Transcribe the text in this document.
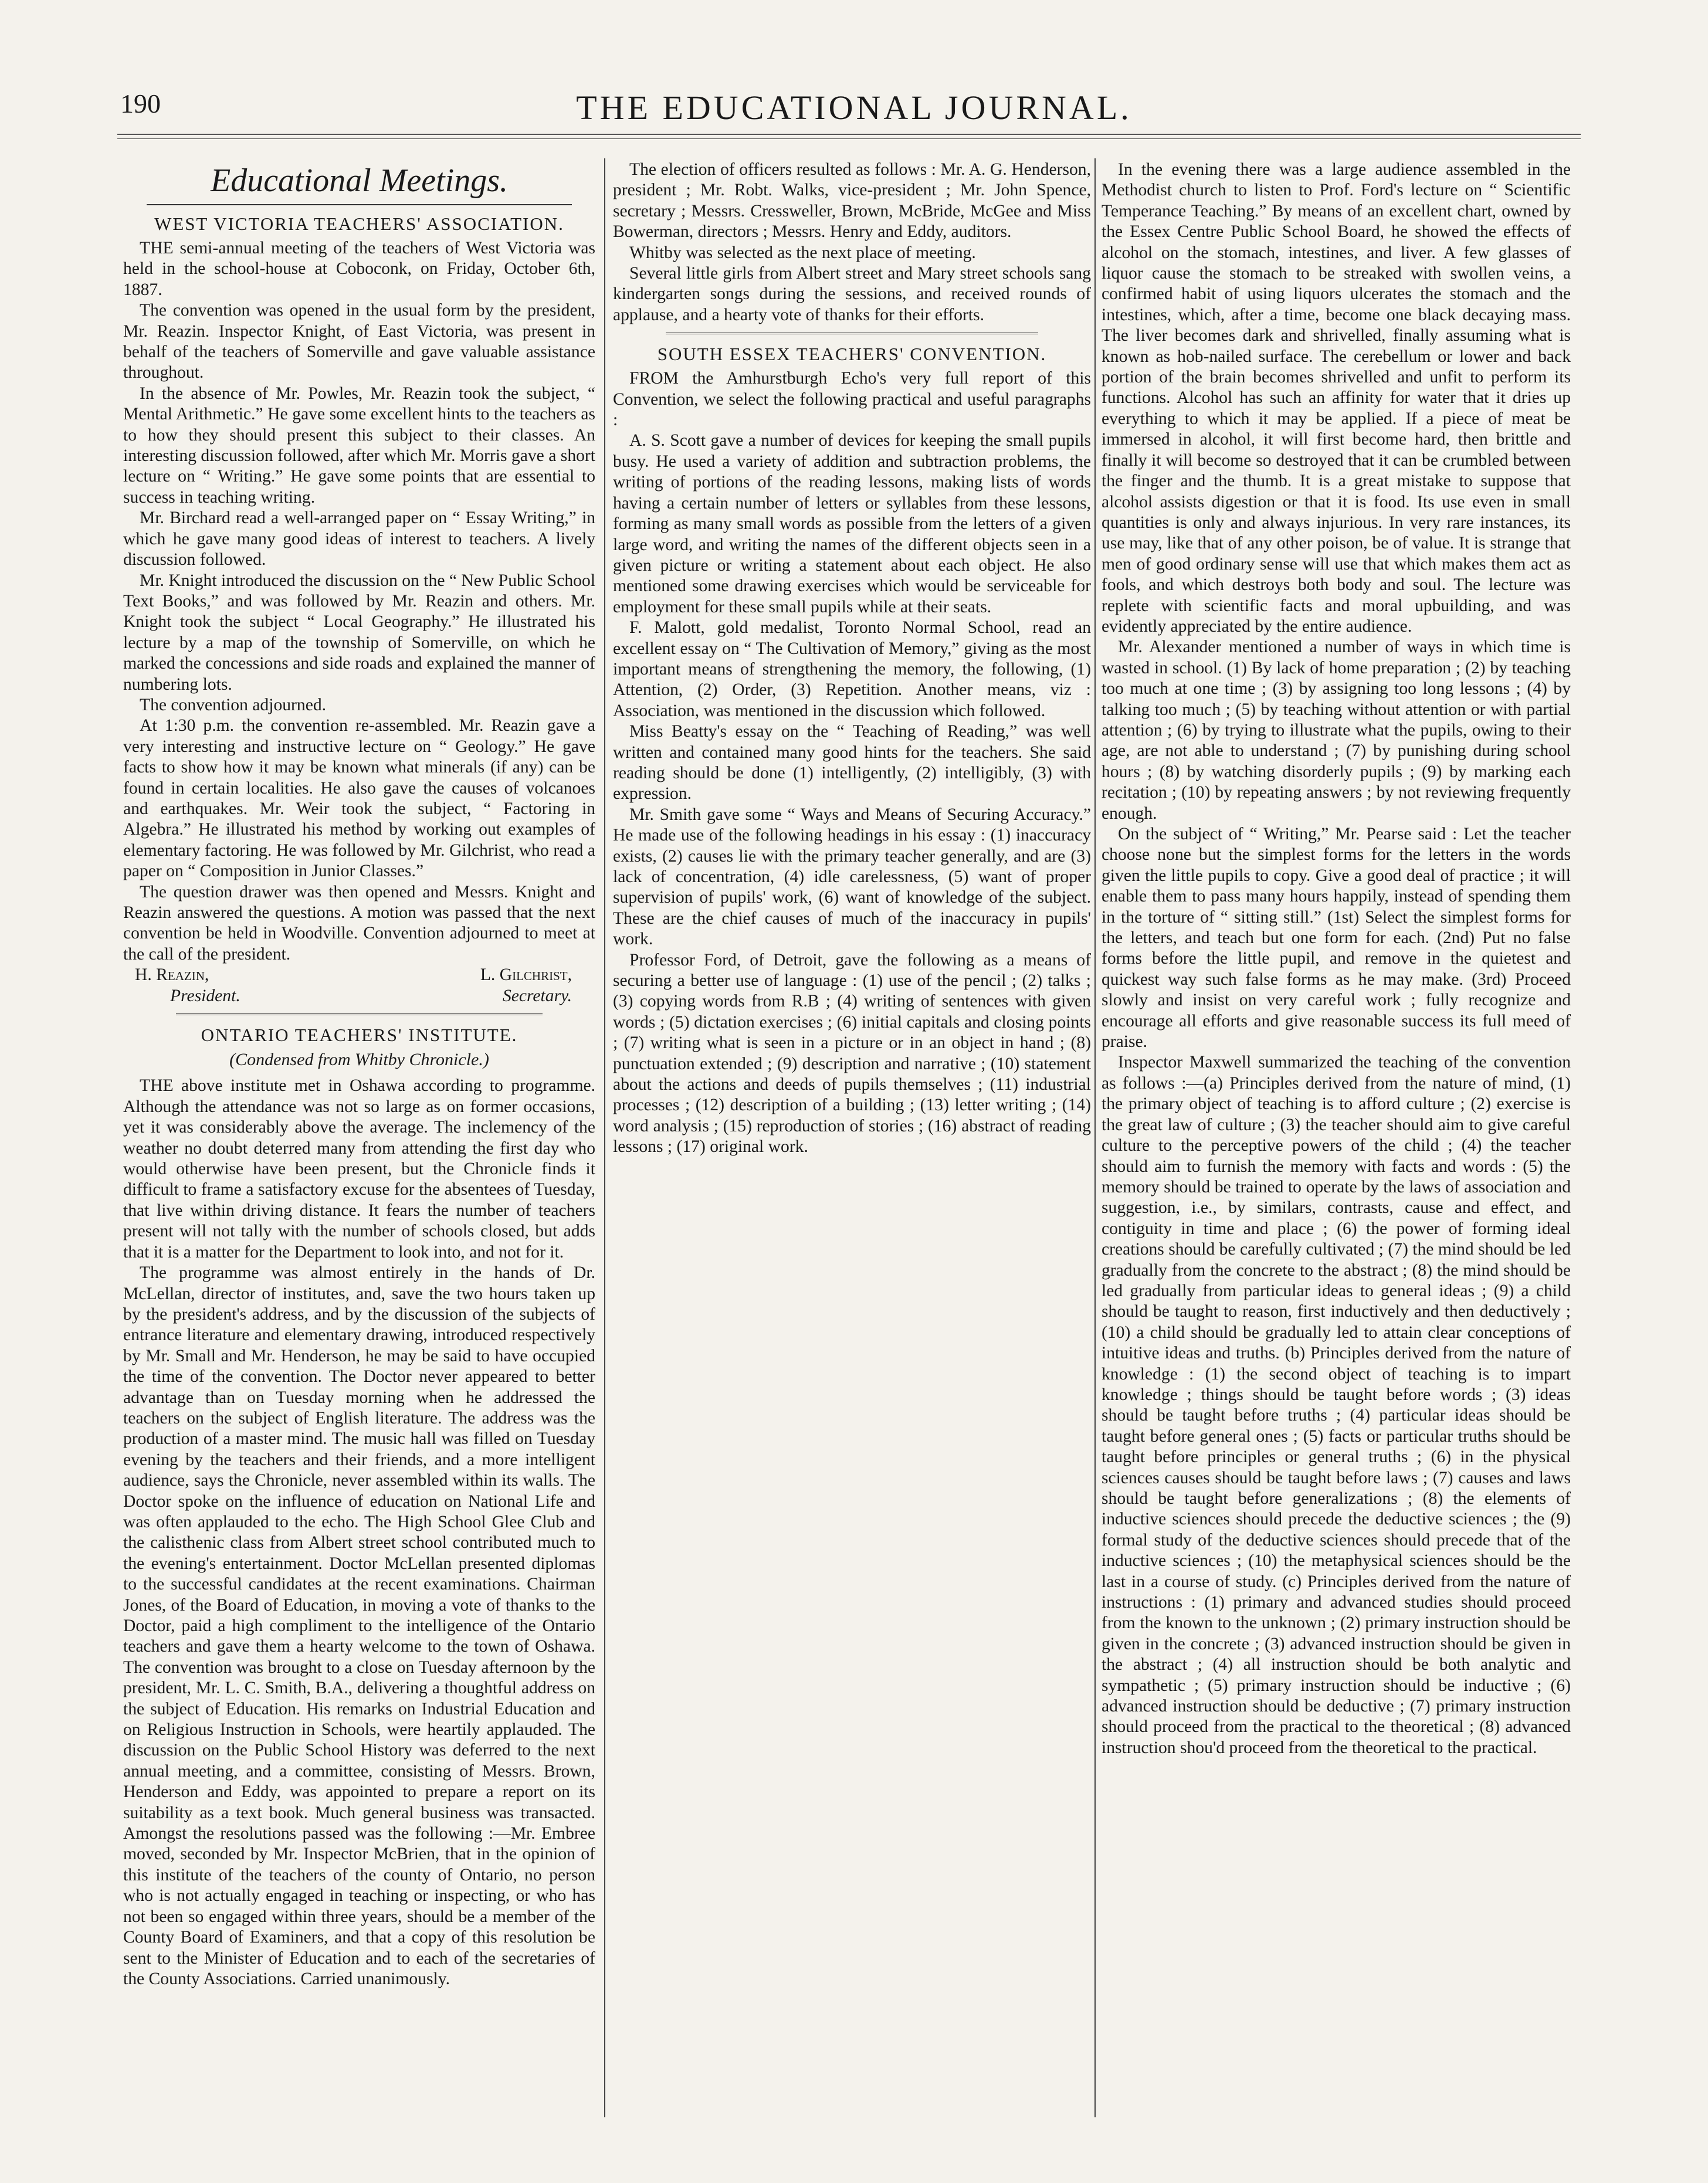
190	THE EDUCATIONAL JOURNAL.
Educational Meetings.
WEST VICTORIA TEACHERS' ASSOCIATION.

THE semi-annual meeting of the teachers of West Victoria was held in the school-house at Coboconk, on Friday, October 6th, 1887.

The convention was opened in the usual form by the president, Mr. Reazin. Inspector Knight, of East Victoria, was present in behalf of the teachers of Somerville and gave valuable assistance throughout.

In the absence of Mr. Powles, Mr. Reazin took the subject, “ Mental Arithmetic.” He gave some excellent hints to the teachers as to how they should present this subject to their classes. An interesting discussion followed, after which Mr. Morris gave a short lecture on “ Writing.” He gave some points that are essential to success in teaching writing.

Mr. Birchard read a well-arranged paper on “ Essay Writing,” in which he gave many good ideas of interest to teachers. A lively discussion followed.

Mr. Knight introduced the discussion on the “ New Public School Text Books,” and was followed by Mr. Reazin and others. Mr. Knight took the subject “ Local Geography.” He illustrated his lecture by a map of the township of Somerville, on which he marked the concessions and side roads and explained the manner of numbering lots.

The convention adjourned.

At 1:30 p.m. the convention re-assembled. Mr. Reazin gave a very interesting and instructive lecture on “ Geology.” He gave facts to show how it may be known what minerals (if any) can be found in certain localities. He also gave the causes of volcanoes and earthquakes. Mr. Weir took the subject, “ Factoring in Algebra.” He illustrated his method by working out examples of elementary factoring. He was followed by Mr. Gilchrist, who read a paper on “ Composition in Junior Classes.”

The question drawer was then opened and Messrs. Knight and Reazin answered the questions. A motion was passed that the next convention be held in Woodville. Convention adjourned to meet at the call of the president.

H. Reazin,	L. Gilchrist,

President.	Secretary.

ONTARIO TEACHERS' INSTITUTE.
(Condensed from Whitby Chronicle.)

THE above institute met in Oshawa according to programme. Although the attendance was not so large as on former occasions, yet it was considerably above the average. The inclemency of the weather no doubt deterred many from attending the first day who would otherwise have been present, but the Chronicle finds it difficult to frame a satisfactory excuse for the absentees of Tuesday, that live within driving distance. It fears the number of teachers present will not tally with the number of schools closed, but adds that it is a matter for the Department to look into, and not for it.

The programme was almost entirely in the hands of Dr. McLellan, director of institutes, and, save the two hours taken up by the president's address, and by the discussion of the subjects of entrance literature and elementary drawing, introduced respectively by Mr. Small and Mr. Henderson, he may be said to have occupied the time of the convention. The Doctor never appeared to better advantage than on Tuesday morning when he addressed the teachers on the subject of English literature. The address was the production of a master mind. The music hall was filled on Tuesday evening by the teachers and their friends, and a more intelligent audience, says the Chronicle, never assembled within its walls. The Doctor spoke on the influence of education on National Life and was often applauded to the echo. The High School Glee Club and the calisthenic class from Albert street school contributed much to the evening's entertainment. Doctor McLellan presented diplomas to the successful candidates at the recent examinations. Chairman Jones, of the Board of Education, in moving a vote of thanks to the Doctor, paid a high compliment to the intelligence of the Ontario teachers and gave them a hearty welcome to the town of Oshawa. The convention was brought to a close on Tuesday afternoon by the president, Mr. L. C. Smith, B.A., delivering a thoughtful address on the subject of Education. His remarks on Industrial Education and on Religious Instruction in Schools, were heartily applauded. The discussion on the Public School History was deferred to the next annual meeting, and a committee, consisting of Messrs. Brown, Henderson and Eddy, was appointed to prepare a report on its suitability as a text book. Much general business was transacted. Amongst the resolutions passed was the following :—Mr. Embree moved, seconded by Mr. Inspector McBrien, that in the opinion of this institute of the teachers of the county of Ontario, no person who is not actually engaged in teaching or inspecting, or who has not been so engaged within three years, should be a member of the County Board of Examiners, and that a copy of this resolution be sent to the Minister of Education and to each of the secretaries of the County Associations. Carried unanimously.

The election of officers resulted as follows : Mr. A. G. Henderson, president ; Mr. Robt. Walks, vice-president ; Mr. John Spence, secretary ; Messrs. Cressweller, Brown, McBride, McGee and Miss Bowerman, directors ; Messrs. Henry and Eddy, auditors.

Whitby was selected as the next place of meeting.

Several little girls from Albert street and Mary street schools sang kindergarten songs during the sessions, and received rounds of applause, and a hearty vote of thanks for their efforts.

SOUTH ESSEX TEACHERS' CONVENTION.

FROM the Amhurstburgh Echo's very full report of this Convention, we select the following practical and useful paragraphs :

A. S. Scott gave a number of devices for keeping the small pupils busy. He used a variety of addition and subtraction problems, the writing of portions of the reading lessons, making lists of words having a certain number of letters or syllables from these lessons, forming as many small words as possible from the letters of a given large word, and writing the names of the different objects seen in a given picture or writing a statement about each object. He also mentioned some drawing exercises which would be serviceable for employment for these small pupils while at their seats.

F. Malott, gold medalist, Toronto Normal School, read an excellent essay on “ The Cultivation of Memory,” giving as the most important means of strengthening the memory, the following, (1) Attention, (2) Order, (3) Repetition. Another means, viz : Association, was mentioned in the discussion which followed.

Miss Beatty's essay on the “ Teaching of Reading,” was well written and contained many good hints for the teachers. She said reading should be done (1) intelligently, (2) intelligibly, (3) with expression.

Mr. Smith gave some “ Ways and Means of Securing Accuracy.” He made use of the following headings in his essay : (1) inaccuracy exists, (2) causes lie with the primary teacher generally, and are (3) lack of concentration, (4) idle carelessness, (5) want of proper supervision of pupils' work, (6) want of knowledge of the subject. These are the chief causes of much of the inaccuracy in pupils' work.

Professor Ford, of Detroit, gave the following as a means of securing a better use of language : (1) use of the pencil ; (2) talks ; (3) copying words from R.B ; (4) writing of sentences with given words ; (5) dictation exercises ; (6) initial capitals and closing points ; (7) writing what is seen in a picture or in an object in hand ; (8) punctuation extended ; (9) description and narrative ; (10) statement about the actions and deeds of pupils themselves ; (11) industrial processes ; (12) description of a building ; (13) letter writing ; (14) word analysis ; (15) reproduction of stories ; (16) abstract of reading lessons ; (17) original work.

In the evening there was a large audience assembled in the Methodist church to listen to Prof. Ford's lecture on “ Scientific Temperance Teaching.” By means of an excellent chart, owned by the Essex Centre Public School Board, he showed the effects of alcohol on the stomach, intestines, and liver. A few glasses of liquor cause the stomach to be streaked with swollen veins, a confirmed habit of using liquors ulcerates the stomach and the intestines, which, after a time, become one black decaying mass. The liver becomes dark and shrivelled, finally assuming what is known as hob-nailed surface. The cerebellum or lower and back portion of the brain becomes shrivelled and unfit to perform its functions. Alcohol has such an affinity for water that it dries up everything to which it may be applied. If a piece of meat be immersed in alcohol, it will first become hard, then brittle and finally it will become so destroyed that it can be crumbled between the finger and the thumb. It is a great mistake to suppose that alcohol assists digestion or that it is food. Its use even in small quantities is only and always injurious. In very rare instances, its use may, like that of any other poison, be of value. It is strange that men of good ordinary sense will use that which makes them act as fools, and which destroys both body and soul. The lecture was replete with scientific facts and moral upbuilding, and was evidently appreciated by the entire audience.

Mr. Alexander mentioned a number of ways in which time is wasted in school. (1) By lack of home preparation ; (2) by teaching too much at one time ; (3) by assigning too long lessons ; (4) by talking too much ; (5) by teaching without attention or with partial attention ; (6) by trying to illustrate what the pupils, owing to their age, are not able to understand ; (7) by punishing during school hours ; (8) by watching disorderly pupils ; (9) by marking each recitation ; (10) by repeating answers ; by not reviewing frequently enough.

On the subject of “ Writing,” Mr. Pearse said : Let the teacher choose none but the simplest forms for the letters in the words given the little pupils to copy. Give a good deal of practice ; it will enable them to pass many hours happily, instead of spending them in the torture of “ sitting still.” (1st) Select the simplest forms for the letters, and teach but one form for each. (2nd) Put no false forms before the little pupil, and remove in the quietest and quickest way such false forms as he may make. (3rd) Proceed slowly and insist on very careful work ; fully recognize and encourage all efforts and give reasonable success its full meed of praise.

Inspector Maxwell summarized the teaching of the convention as follows :—(a) Principles derived from the nature of mind, (1) the primary object of teaching is to afford culture ; (2) exercise is the great law of culture ; (3) the teacher should aim to give careful culture to the perceptive powers of the child ; (4) the teacher should aim to furnish the memory with facts and words : (5) the memory should be trained to operate by the laws of association and suggestion, i.e., by similars, contrasts, cause and effect, and contiguity in time and place ; (6) the power of forming ideal creations should be carefully cultivated ; (7) the mind should be led gradually from the concrete to the abstract ; (8) the mind should be led gradually from particular ideas to general ideas ; (9) a child should be taught to reason, first inductively and then deductively ; (10) a child should be gradually led to attain clear conceptions of intuitive ideas and truths. (b) Principles derived from the nature of knowledge : (1) the second object of teaching is to impart knowledge ; things should be taught before words ; (3) ideas should be taught before truths ; (4) particular ideas should be taught before general ones ; (5) facts or particular truths should be taught before principles or general truths ; (6) in the physical sciences causes should be taught before laws ; (7) causes and laws should be taught before generalizations ; (8) the elements of inductive sciences should precede the deductive sciences ; the (9) formal study of the deductive sciences should precede that of the inductive sciences ; (10) the metaphysical sciences should be the last in a course of study. (c) Principles derived from the nature of instructions : (1) primary and advanced studies should proceed from the known to the unknown ; (2) primary instruction should be given in the concrete ; (3) advanced instruction should be given in the abstract ; (4) all instruction should be both analytic and sympathetic ; (5) primary instruction should be inductive ; (6) advanced instruction should be deductive ; (7) primary instruction should proceed from the practical to the theoretical ; (8) advanced instruction shou'd proceed from the theoretical to the practical.
